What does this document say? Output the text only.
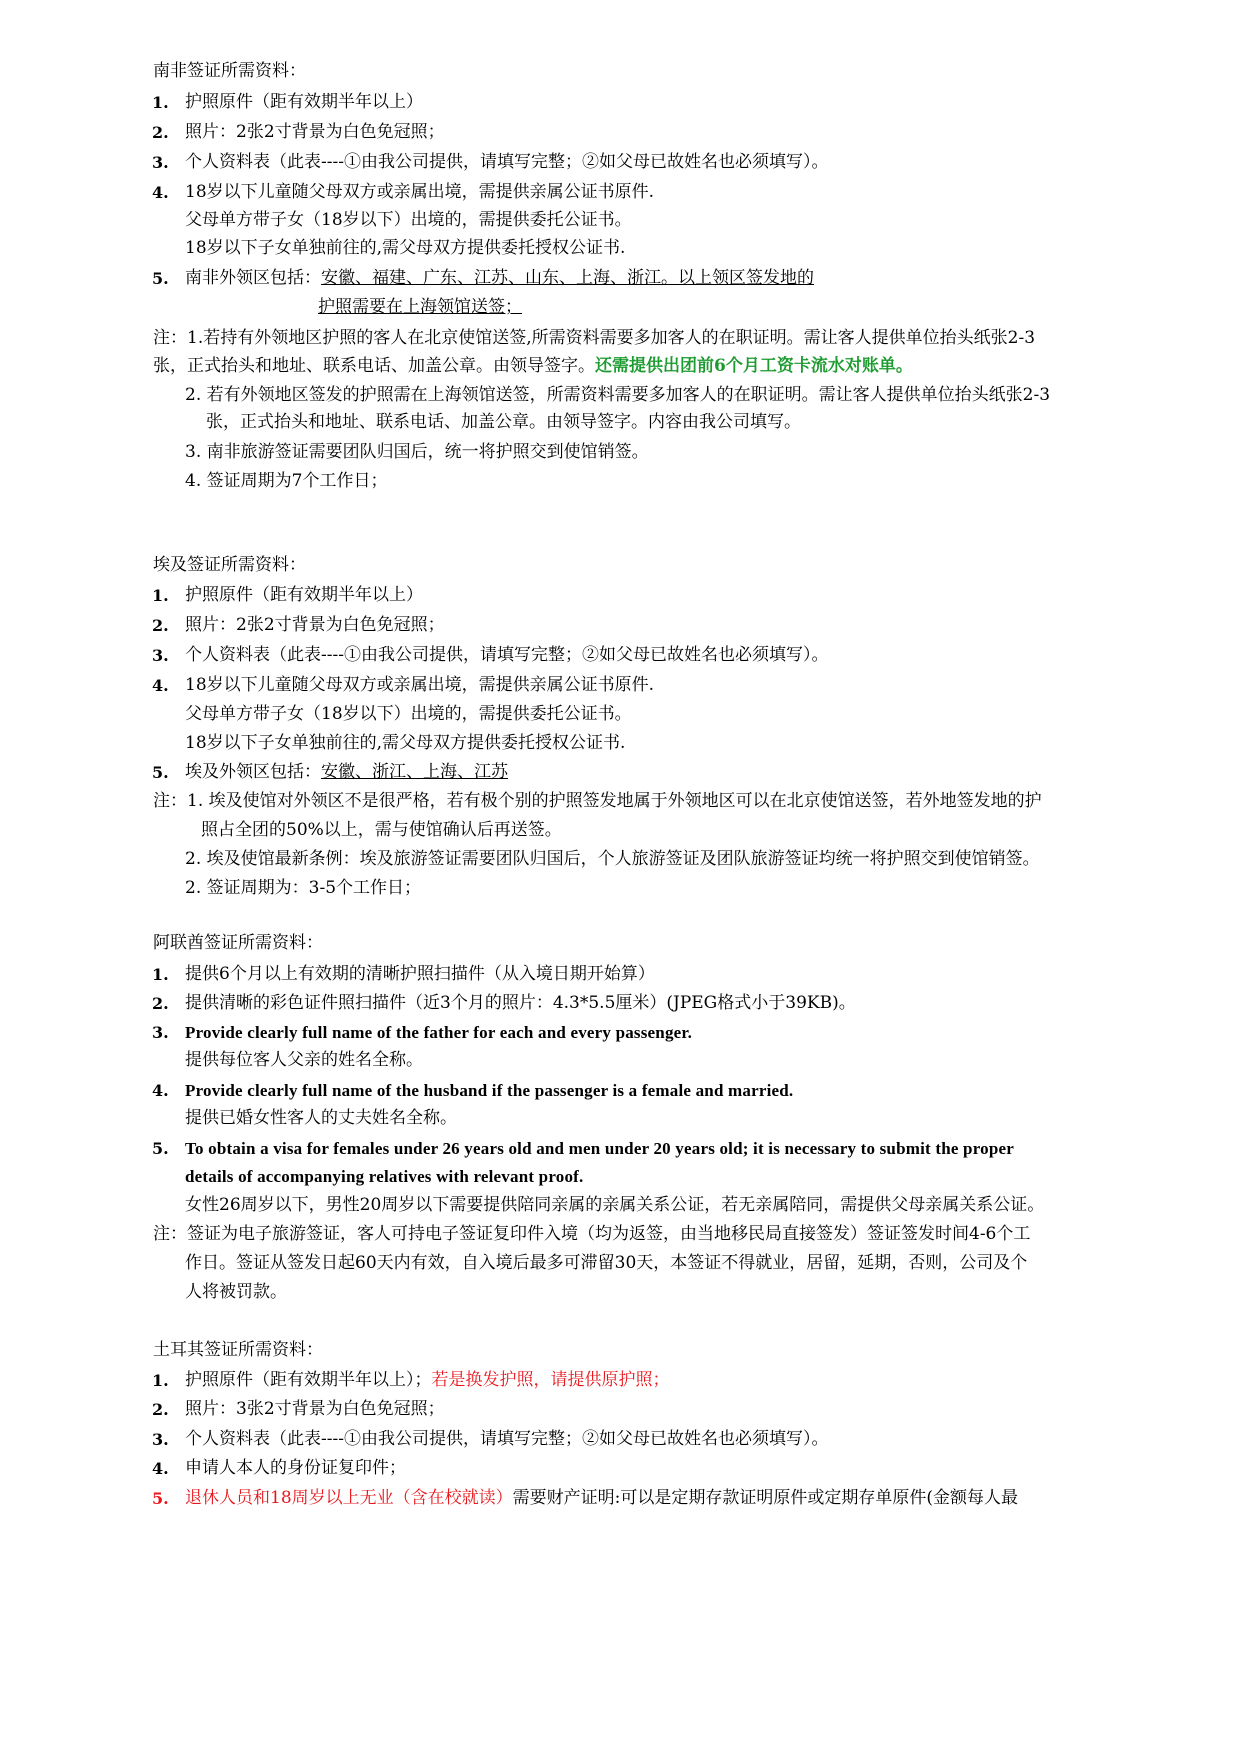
南非签证所需资料：
1. 护照原件（距有效期半年以上）
2. 照片：2张2寸背景为白色免冠照；
3. 个人资料表（此表----①由我公司提供，请填写完整；②如父母已故姓名也必须填写）。
4. 18岁以下儿童随父母双方或亲属出境，需提供亲属公证书原件.
父母单方带子女（18岁以下）出境的，需提供委托公证书。
18岁以下子女单独前往的,需父母双方提供委托授权公证书.
5. 南非外领区包括：安徽、福建、广东、江苏、山东、上海、浙江。以上领区签发地的
护照需要在上海领馆送签；
注：1.若持有外领地区护照的客人在北京使馆送签,所需资料需要多加客人的在职证明。需让客人提供单位抬头纸张2-3
张，正式抬头和地址、联系电话、加盖公章。由领导签字。还需提供出团前6个月工资卡流水对账单。
2. 若有外领地区签发的护照需在上海领馆送签，所需资料需要多加客人的在职证明。需让客人提供单位抬头纸张2-3
张，正式抬头和地址、联系电话、加盖公章。由领导签字。内容由我公司填写。
3. 南非旅游签证需要团队归国后，统一将护照交到使馆销签。
4. 签证周期为7个工作日；
埃及签证所需资料：
1. 护照原件（距有效期半年以上）
2. 照片：2张2寸背景为白色免冠照；
3. 个人资料表（此表----①由我公司提供，请填写完整；②如父母已故姓名也必须填写）。
4. 18岁以下儿童随父母双方或亲属出境，需提供亲属公证书原件.
父母单方带子女（18岁以下）出境的，需提供委托公证书。
18岁以下子女单独前往的,需父母双方提供委托授权公证书.
5. 埃及外领区包括：安徽、浙江、上海、江苏
注：1. 埃及使馆对外领区不是很严格，若有极个别的护照签发地属于外领地区可以在北京使馆送签，若外地签发地的护
照占全团的50%以上，需与使馆确认后再送签。
2. 埃及使馆最新条例：埃及旅游签证需要团队归国后，个人旅游签证及团队旅游签证均统一将护照交到使馆销签。
2. 签证周期为：3-5个工作日；
阿联酋签证所需资料：
1. 提供6个月以上有效期的清晰护照扫描件（从入境日期开始算）
2. 提供清晰的彩色证件照扫描件（近3个月的照片：4.3*5.5厘米）(JPEG格式小于39KB)。
3. Provide clearly full name of the father for each and every passenger.
提供每位客人父亲的姓名全称。
4. Provide clearly full name of the husband if the passenger is a female and married.
提供已婚女性客人的丈夫姓名全称。
5. To obtain a visa for females under 26 years old and men under 20 years old; it is necessary to submit the proper
details of accompanying relatives with relevant proof.
女性26周岁以下，男性20周岁以下需要提供陪同亲属的亲属关系公证，若无亲属陪同，需提供父母亲属关系公证。
注：签证为电子旅游签证，客人可持电子签证复印件入境（均为返签，由当地移民局直接签发）签证签发时间4-6个工
作日。签证从签发日起60天内有效，自入境后最多可滞留30天，本签证不得就业，居留，延期，否则，公司及个
人将被罚款。
土耳其签证所需资料：
1. 护照原件（距有效期半年以上）；若是换发护照，请提供原护照；
2. 照片：3张2寸背景为白色免冠照；
3. 个人资料表（此表----①由我公司提供，请填写完整；②如父母已故姓名也必须填写）。
4. 申请人本人的身份证复印件；
5. 退休人员和18周岁以上无业（含在校就读）需要财产证明:可以是定期存款证明原件或定期存单原件(金额每人最
